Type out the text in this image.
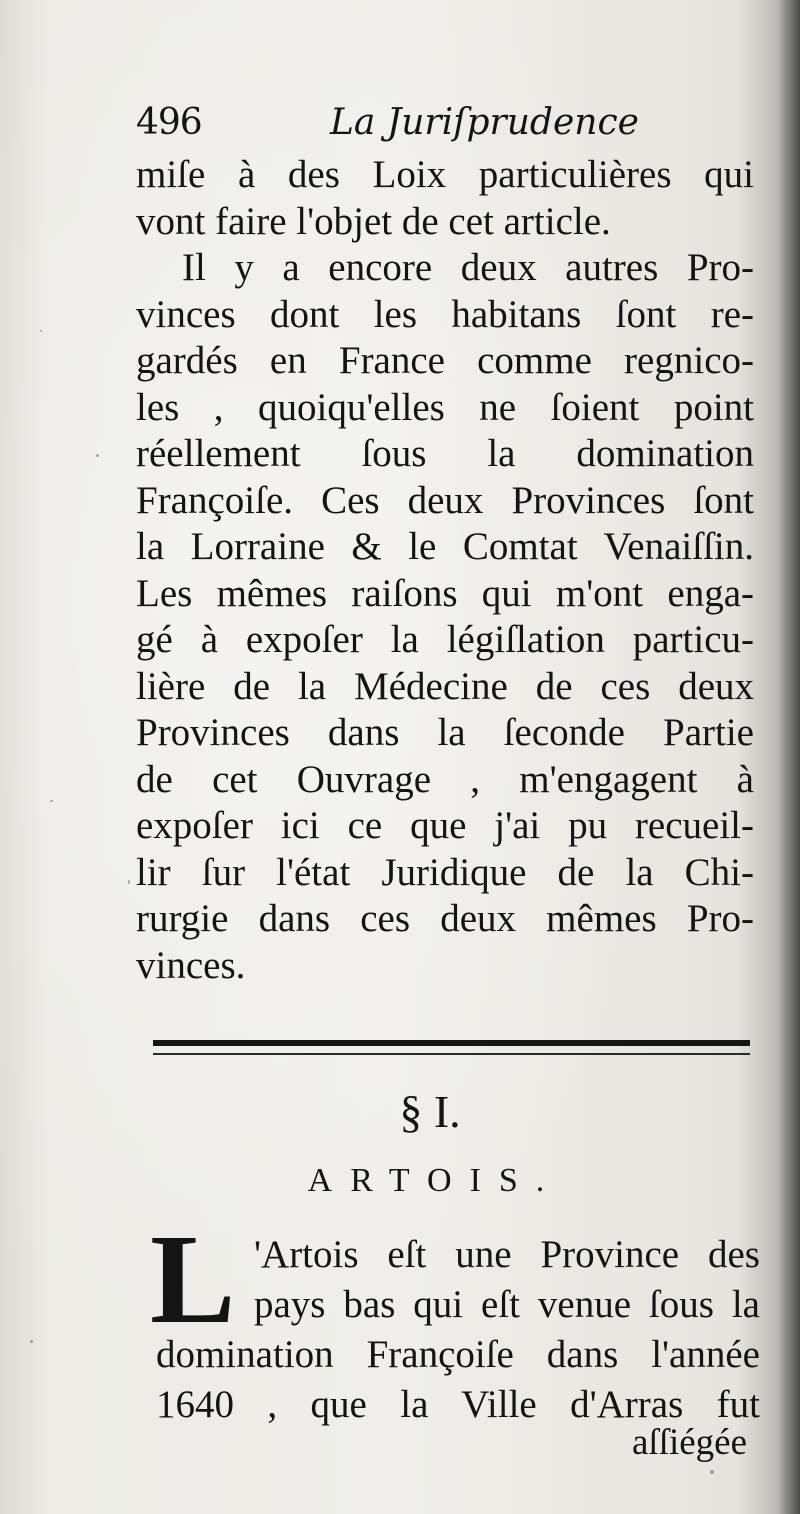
496	La Juriſprudence
miſe à des Loix particulières qui
vont faire l'objet de cet article.
Il y a encore deux autres Pro-
vinces dont les habitans ſont re-
gardés en France comme regnico-
les , quoiqu'elles ne ſoient point
réellement ſous la domination
Françoiſe. Ces deux Provinces ſont
la Lorraine & le Comtat Venaiſſin.
Les mêmes raiſons qui m'ont enga-
gé à expoſer la légiſlation particu-
lière de la Médecine de ces deux
Provinces dans la ſeconde Partie
de cet Ouvrage , m'engagent à
expoſer ici ce que j'ai pu recueil-
lir ſur l'état Juridique de la Chi-
rurgie dans ces deux mêmes Pro-
vinces.
§ I.
ARTOIS.
L 'Artois eſt une Province des
pays bas qui eſt venue ſous la
domination Françoiſe dans l'année
1640 , que la Ville d'Arras fut
aſſiégée
